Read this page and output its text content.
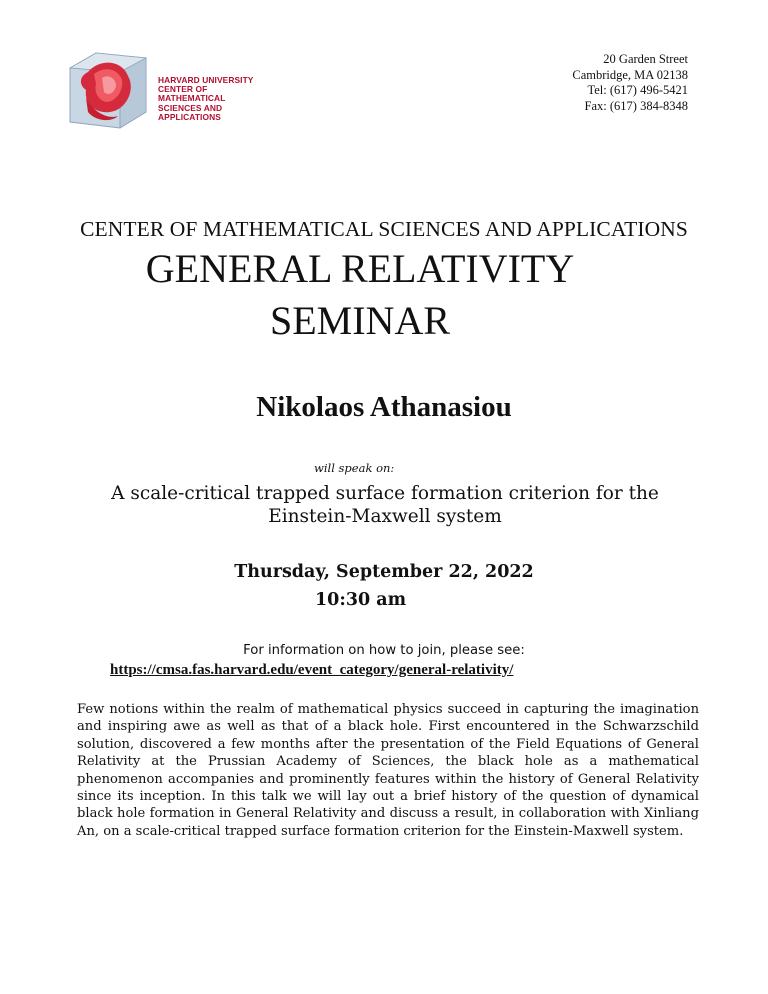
HARVARD UNIVERSITY
CENTER OF MATHEMATICAL
SCIENCES AND APPLICATIONS
20 Garden Street
Cambridge, MA 02138
Tel: (617) 496-5421
Fax: (617) 384-8348
CENTER OF MATHEMATICAL SCIENCES AND APPLICATIONS
GENERAL RELATIVITY
SEMINAR
Nikolaos Athanasiou
will speak on:
A scale-critical trapped surface formation criterion for the
Einstein-Maxwell system
Thursday, September 22, 2022
10:30 am
For information on how to join, please see:
https://cmsa.fas.harvard.edu/event_category/general-relativity/
Few notions within the realm of mathematical physics succeed in capturing the imagination and inspiring awe as well as that of a black hole. First encountered in the Schwarzschild solution, discovered a few months after the presentation of the Field Equations of General Relativity at the Prussian Academy of Sciences, the black hole as a mathematical phenomenon accompanies and prominently features within the history of General Relativity since its inception. In this talk we will lay out a brief history of the question of dynamical black hole formation in General Relativity and discuss a result, in collaboration with Xinliang An, on a scale-critical trapped surface formation criterion for the Einstein-Maxwell system.
